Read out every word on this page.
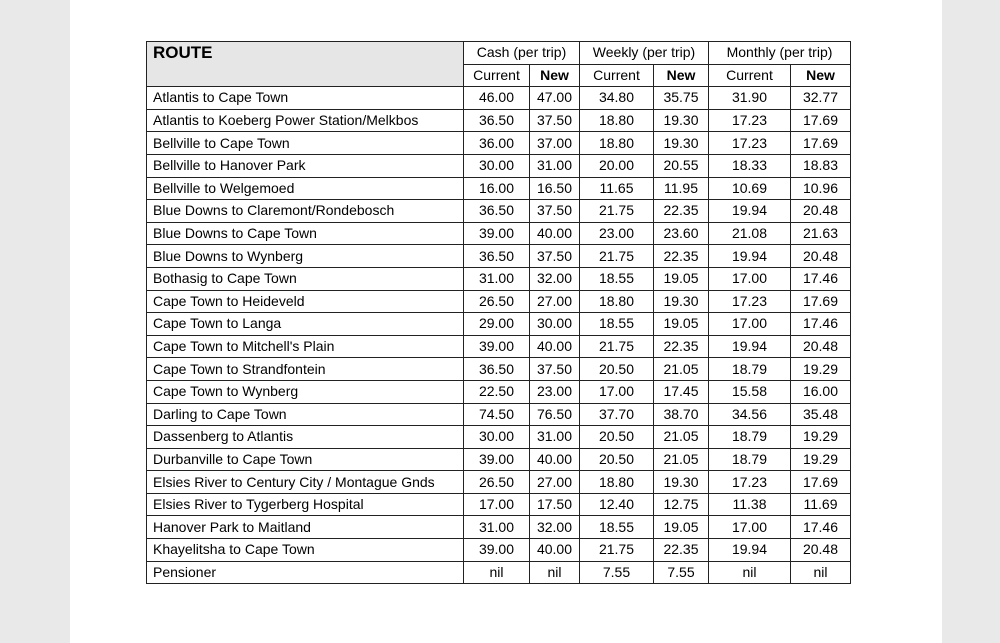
ROUTE	Cash (per trip)		Weekly (per trip)		Monthly (per trip)	
	Current	New	Current	New	Current	New
Atlantis to Cape Town	46.00	47.00	34.80	35.75	31.90	32.77
Atlantis to Koeberg Power Station/Melkbos	36.50	37.50	18.80	19.30	17.23	17.69
Bellville to Cape Town	36.00	37.00	18.80	19.30	17.23	17.69
Bellville to Hanover Park	30.00	31.00	20.00	20.55	18.33	18.83
Bellville to Welgemoed	16.00	16.50	11.65	11.95	10.69	10.96
Blue Downs to Claremont/Rondebosch	36.50	37.50	21.75	22.35	19.94	20.48
Blue Downs to Cape Town	39.00	40.00	23.00	23.60	21.08	21.63
Blue Downs to Wynberg	36.50	37.50	21.75	22.35	19.94	20.48
Bothasig to Cape Town	31.00	32.00	18.55	19.05	17.00	17.46
Cape Town to Heideveld	26.50	27.00	18.80	19.30	17.23	17.69
Cape Town to Langa	29.00	30.00	18.55	19.05	17.00	17.46
Cape Town to Mitchell's Plain	39.00	40.00	21.75	22.35	19.94	20.48
Cape Town to Strandfontein	36.50	37.50	20.50	21.05	18.79	19.29
Cape Town to Wynberg	22.50	23.00	17.00	17.45	15.58	16.00
Darling to Cape Town	74.50	76.50	37.70	38.70	34.56	35.48
Dassenberg to Atlantis	30.00	31.00	20.50	21.05	18.79	19.29
Durbanville to Cape Town	39.00	40.00	20.50	21.05	18.79	19.29
Elsies River to Century City / Montague Gnds	26.50	27.00	18.80	19.30	17.23	17.69
Elsies River to Tygerberg Hospital	17.00	17.50	12.40	12.75	11.38	11.69
Hanover Park to Maitland	31.00	32.00	18.55	19.05	17.00	17.46
Khayelitsha to Cape Town	39.00	40.00	21.75	22.35	19.94	20.48
Pensioner	nil	nil	7.55	7.55	nil	nil
